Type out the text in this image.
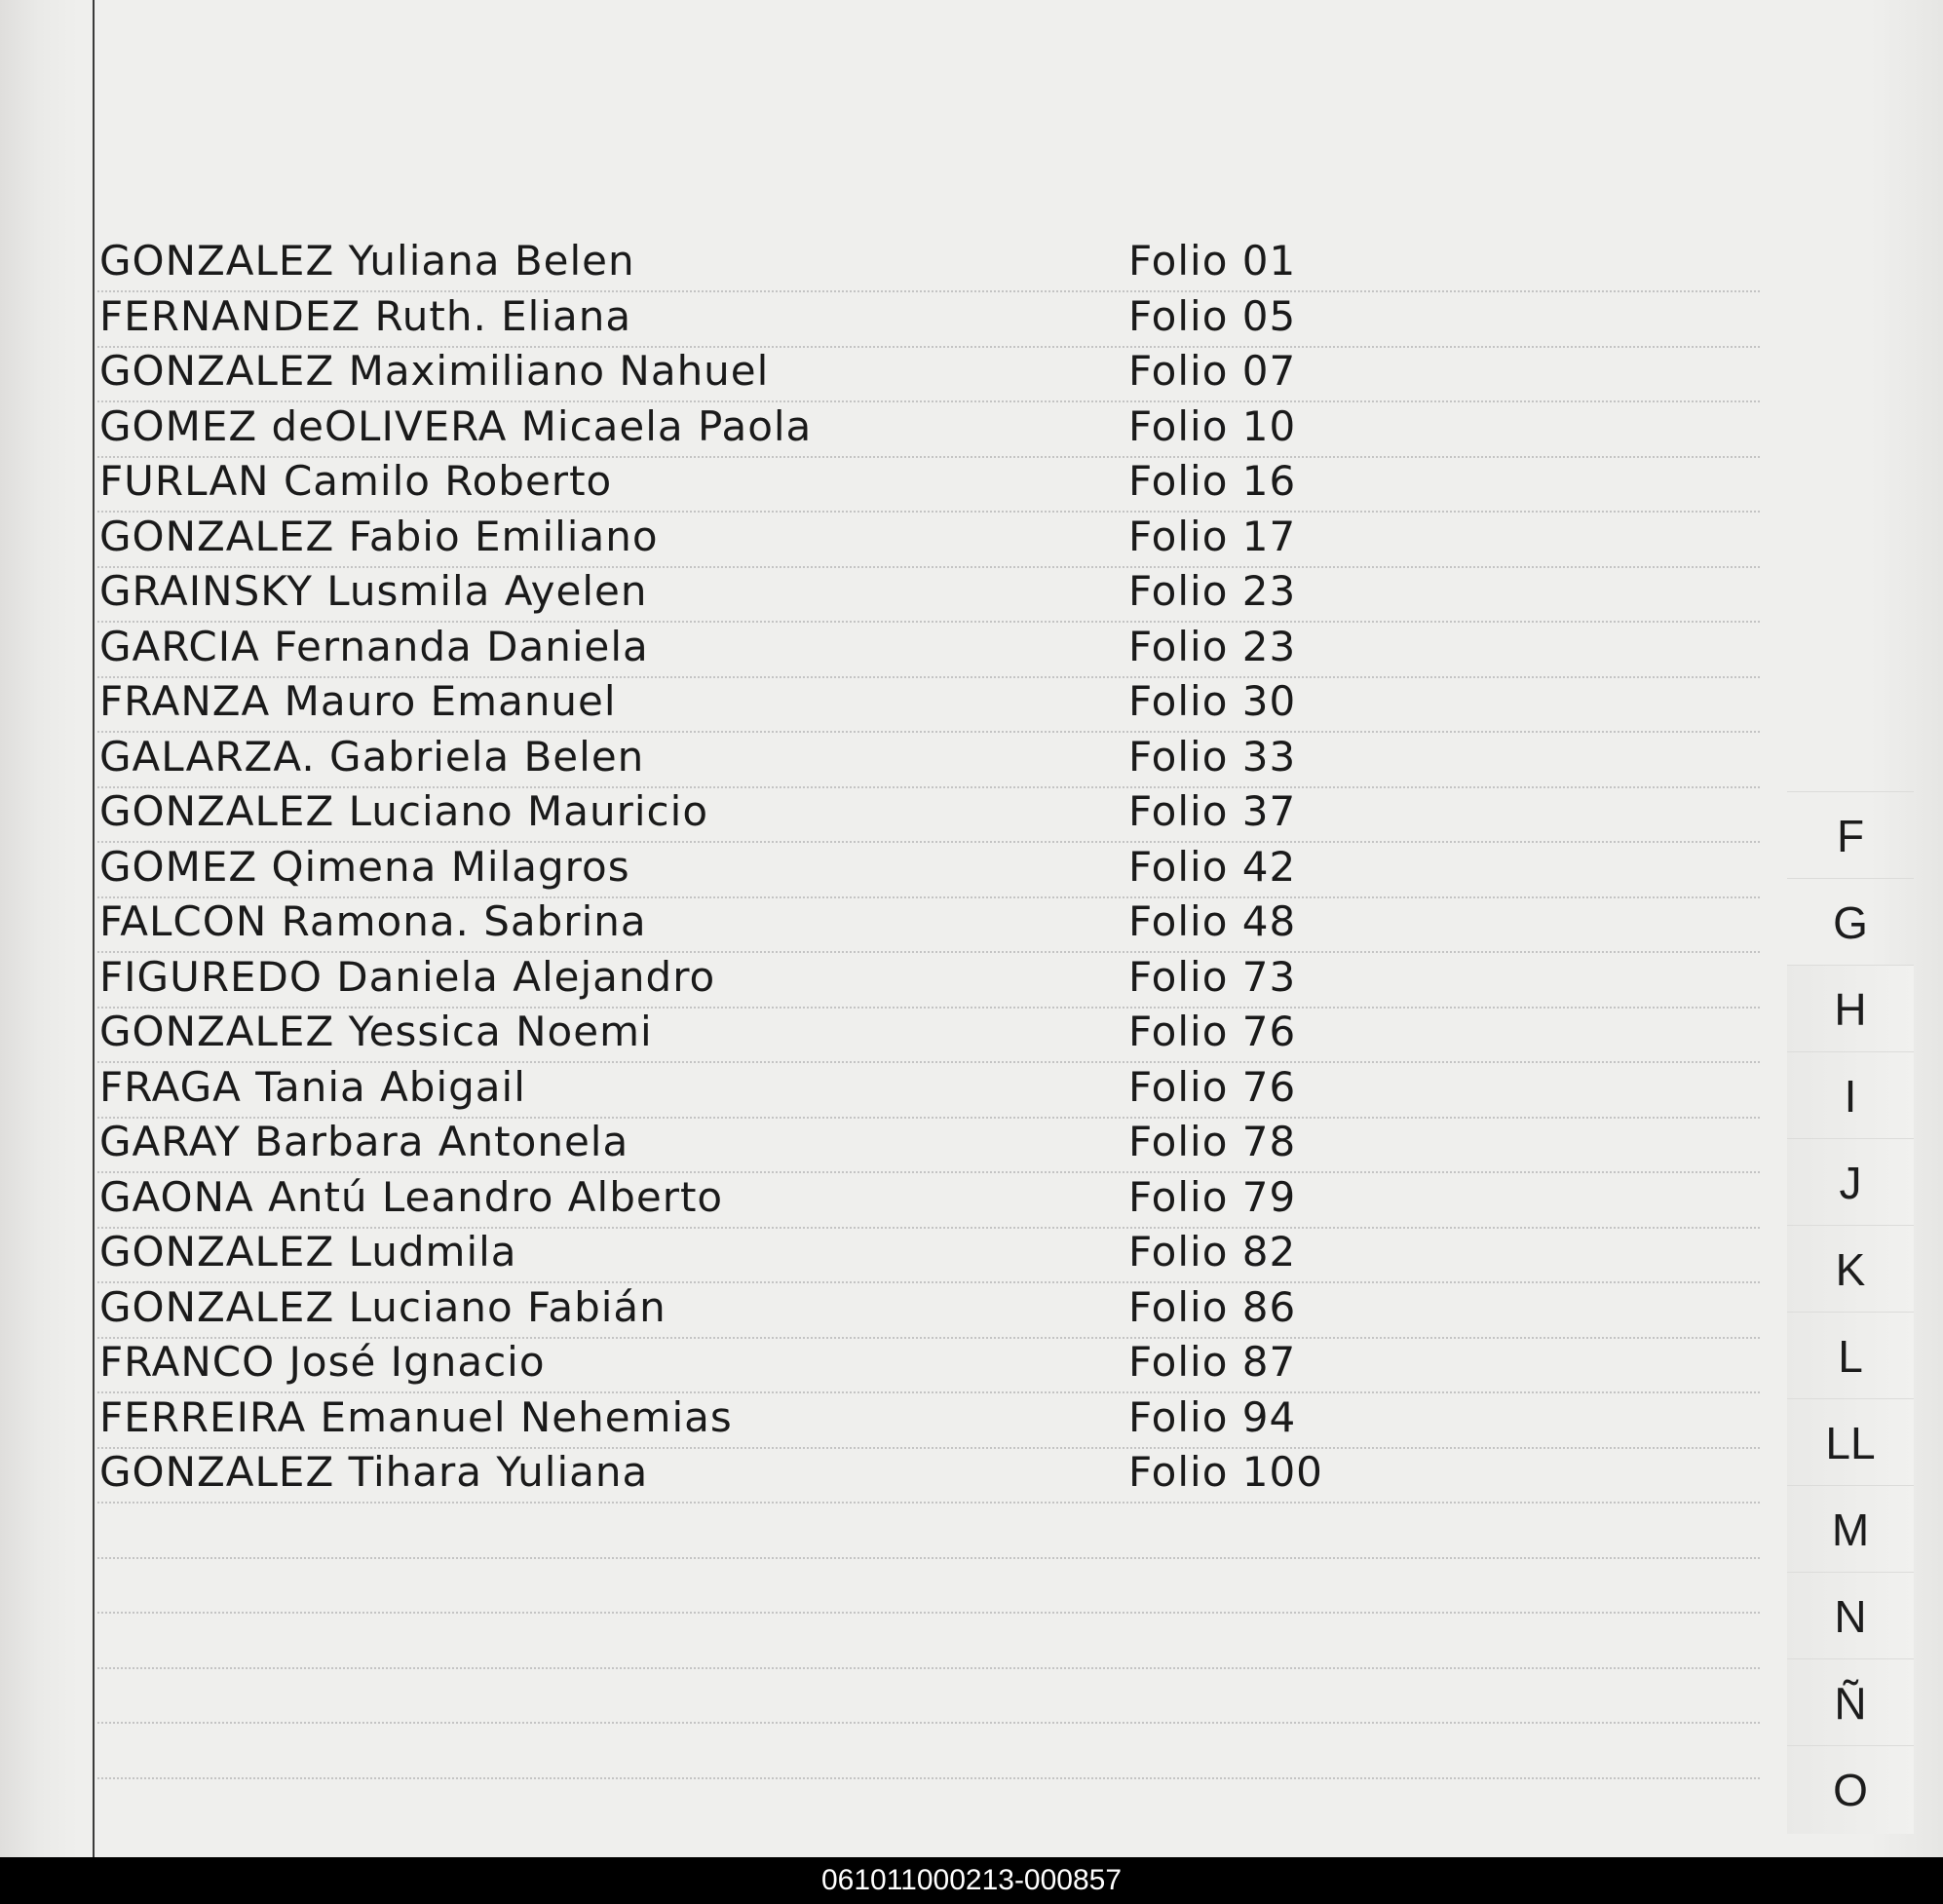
GONZALEZ Yuliana Belen	Folio 01
FERNANDEZ Ruth. Eliana	Folio 05
GONZALEZ Maximiliano Nahuel	Folio 07
GOMEZ deOLIVERA Micaela Paola	Folio 10
FURLAN Camilo Roberto	Folio 16
GONZALEZ Fabio Emiliano	Folio 17
GRAINSKY Lusmila Ayelen	Folio 23
GARCIA Fernanda Daniela	Folio 23
FRANZA Mauro Emanuel	Folio 30
GALARZA. Gabriela Belen	Folio 33
GONZALEZ Luciano Mauricio	Folio 37
GOMEZ Qimena Milagros	Folio 42
FALCON Ramona. Sabrina	Folio 48
FIGUREDO Daniela Alejandro	Folio 73
GONZALEZ Yessica Noemi	Folio 76
FRAGA Tania Abigail	Folio 76
GARAY Barbara Antonela	Folio 78
GAONA Antú Leandro Alberto	Folio 79
GONZALEZ Ludmila	Folio 82
GONZALEZ Luciano Fabián	Folio 86
FRANCO José Ignacio	Folio 87
FERREIRA Emanuel Nehemias	Folio 94
GONZALEZ Tihara Yuliana	Folio 100
F
G
H
I
J
K
L
LL
M
N
Ñ
O
061011000213-000857
